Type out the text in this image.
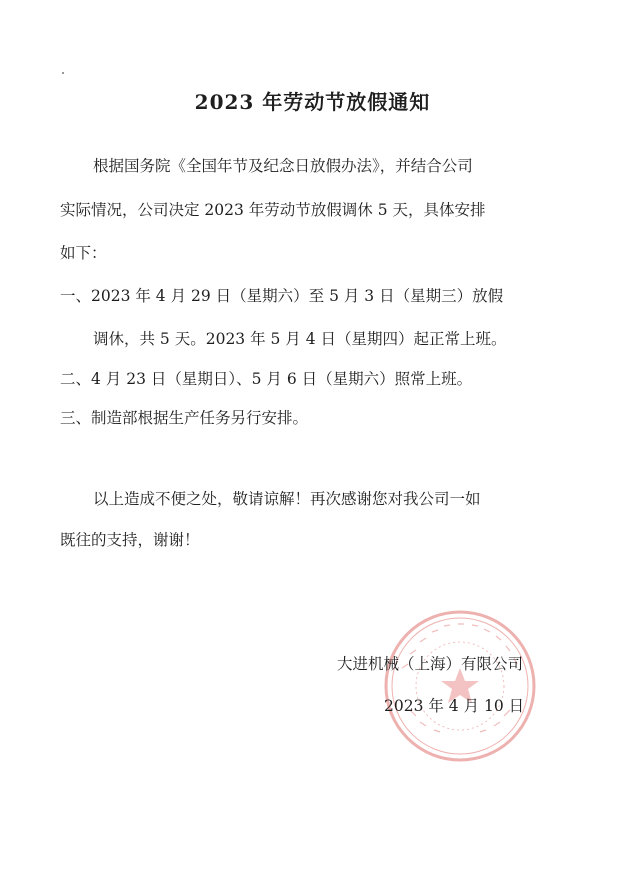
2023 年劳动节放假通知
根据国务院《全国年节及纪念日放假办法》，并结合公司
实际情况，公司决定 2023 年劳动节放假调休 5 天，具体安排
如下：
一、2023 年 4 月 29 日（星期六）至 5 月 3 日（星期三）放假
调休，共 5 天。2023 年 5 月 4 日（星期四）起正常上班。
二、4 月 23 日（星期日）、5 月 6 日（星期六）照常上班。
三、制造部根据生产任务另行安排。
以上造成不便之处，敬请谅解！再次感谢您对我公司一如
既往的支持，谢谢！
大进机械（上海）有限公司
2023 年 4 月 10 日
